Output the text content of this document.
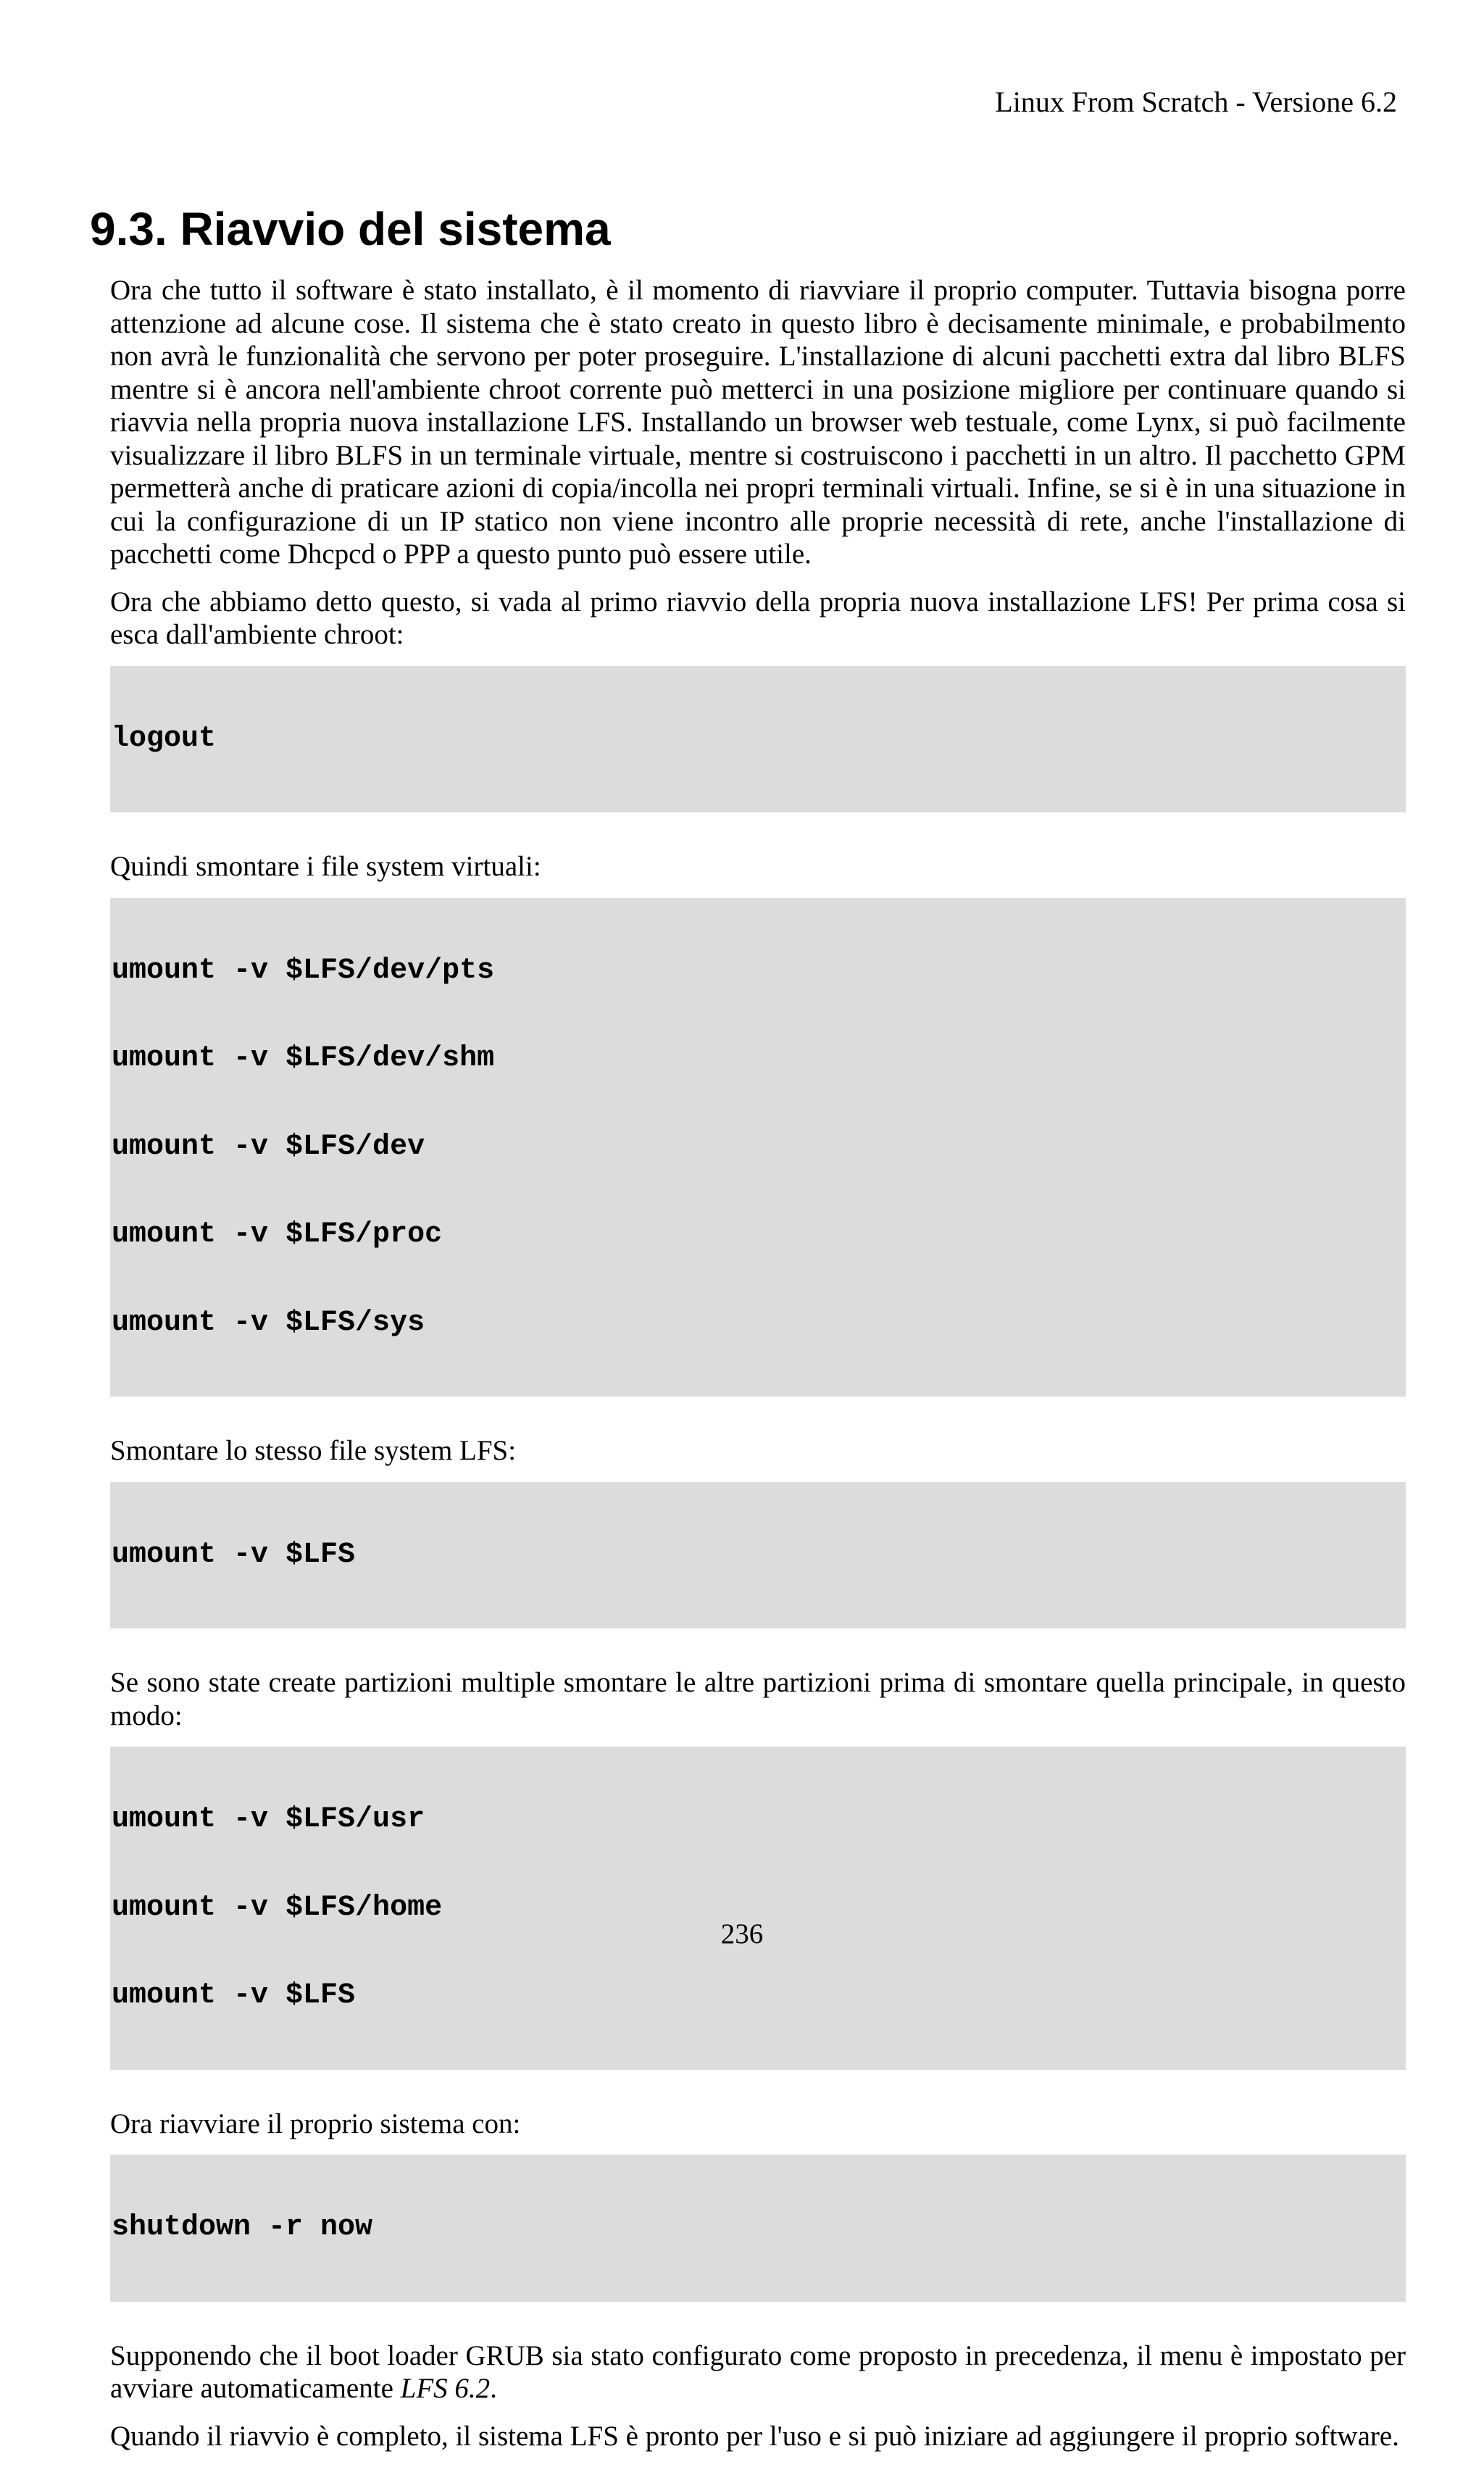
Linux From Scratch - Versione 6.2
9.3. Riavvio del sistema

Ora che tutto il software è stato installato, è il momento di riavviare il proprio computer. Tuttavia bisogna porre attenzione ad alcune cose. Il sistema che è stato creato in questo libro è decisamente minimale, e probabilmento non avrà le funzionalità che servono per poter proseguire. L'installazione di alcuni pacchetti extra dal libro BLFS mentre si è ancora nell'ambiente chroot corrente può metterci in una posizione migliore per continuare quando si riavvia nella propria nuova installazione LFS. Installando un browser web testuale, come Lynx, si può facilmente visualizzare il libro BLFS in un terminale virtuale, mentre si costruiscono i pacchetti in un altro. Il pacchetto GPM permetterà anche di praticare azioni di copia/incolla nei propri terminali virtuali. Infine, se si è in una situazione in cui la configurazione di un IP statico non viene incontro alle proprie necessità di rete, anche l'installazione di pacchetti come Dhcpcd o PPP a questo punto può essere utile.

Ora che abbiamo detto questo, si vada al primo riavvio della propria nuova installazione LFS! Per prima cosa si esca dall'ambiente chroot:

logout

Quindi smontare i file system virtuali:

umount -v $LFS/dev/pts

umount -v $LFS/dev/shm

umount -v $LFS/dev

umount -v $LFS/proc

umount -v $LFS/sys

Smontare lo stesso file system LFS:

umount -v $LFS

Se sono state create partizioni multiple smontare le altre partizioni prima di smontare quella principale, in questo modo:

umount -v $LFS/usr

umount -v $LFS/home

umount -v $LFS

Ora riavviare il proprio sistema con:

shutdown -r now

Supponendo che il boot loader GRUB sia stato configurato come proposto in precedenza, il menu è impostato per avviare automaticamente LFS 6.2.

Quando il riavvio è completo, il sistema LFS è pronto per l'uso e si può iniziare ad aggiungere il proprio software.

236
